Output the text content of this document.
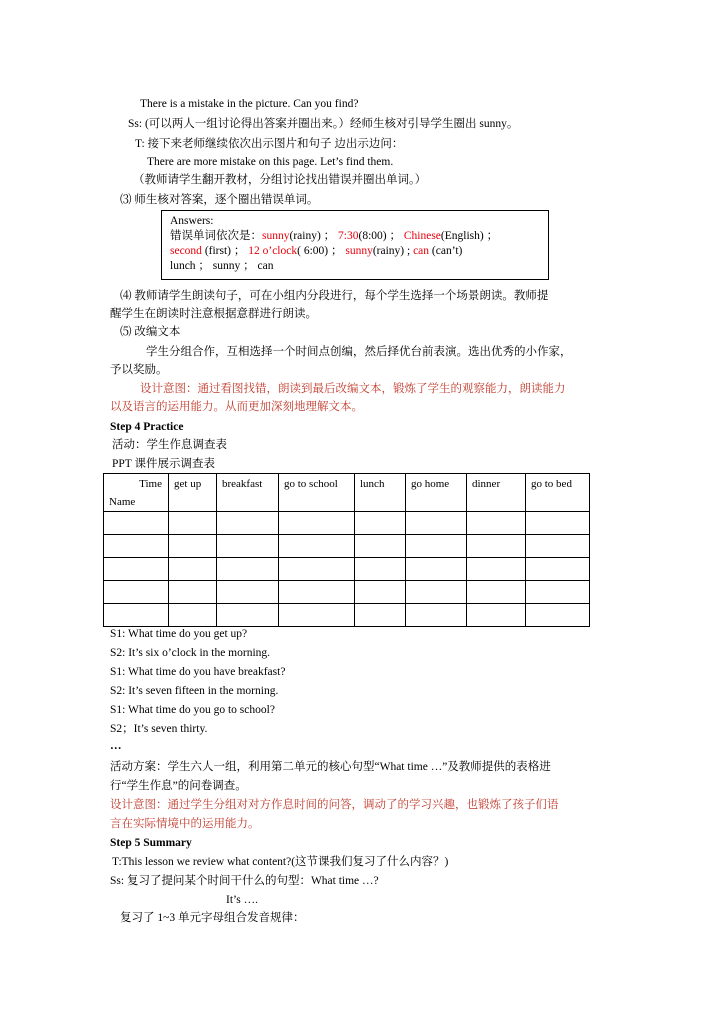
There is a mistake in the picture. Can you find?
Ss: (可以两人一组讨论得出答案并圈出来。）经师生核对引导学生圈出 sunny。
T: 接下来老师继续依次出示图片和句子 边出示边问：
There are more mistake on this page. Let’s find them.
（教师请学生翻开教材，分组讨论找出错误并圈出单词。）
⑶ 师生核对答案，逐个圈出错误单词。
Answers:
错误单词依次是：sunny(rainy) ； 7:30(8:00) ； Chinese(English) ；
second (first) ； 12 o’clock( 6:00) ； sunny(rainy) ; can (can’t)
lunch ； sunny ； can
⑷ 教师请学生朗读句子，可在小组内分段进行，每个学生选择一个场景朗读。教师提
醒学生在朗读时注意根据意群进行朗读。
⑸ 改编文本
学生分组合作，互相选择一个时间点创编，然后择优台前表演。选出优秀的小作家，
予以奖励。
设计意图：通过看图找错，朗读到最后改编文本，锻炼了学生的观察能力，朗读能力
以及语言的运用能力。从而更加深刻地理解文本。
Step 4 Practice
活动：学生作息调查表
PPT 课件展示调查表
Time
Name	get up	breakfast	go to school	lunch	go home	dinner	go to bed

S1: What time do you get up?
S2: It’s six o’clock in the morning.
S1: What time do you have breakfast?
S2: It’s seven fifteen in the morning.
S1: What time do you go to school?
S2；It’s seven thirty.
…
活动方案：学生六人一组，利用第二单元的核心句型“What time …”及教师提供的表格进
行“学生作息”的问卷调查。
设计意图：通过学生分组对对方作息时间的问答，调动了的学习兴趣，也锻炼了孩子们语
言在实际情境中的运用能力。
Step 5 Summary
T:This lesson we review what content?(这节课我们复习了什么内容？)
Ss: 复习了提问某个时间干什么的句型：What time …?
It’s ….
复习了 1~3 单元字母组合发音规律：
